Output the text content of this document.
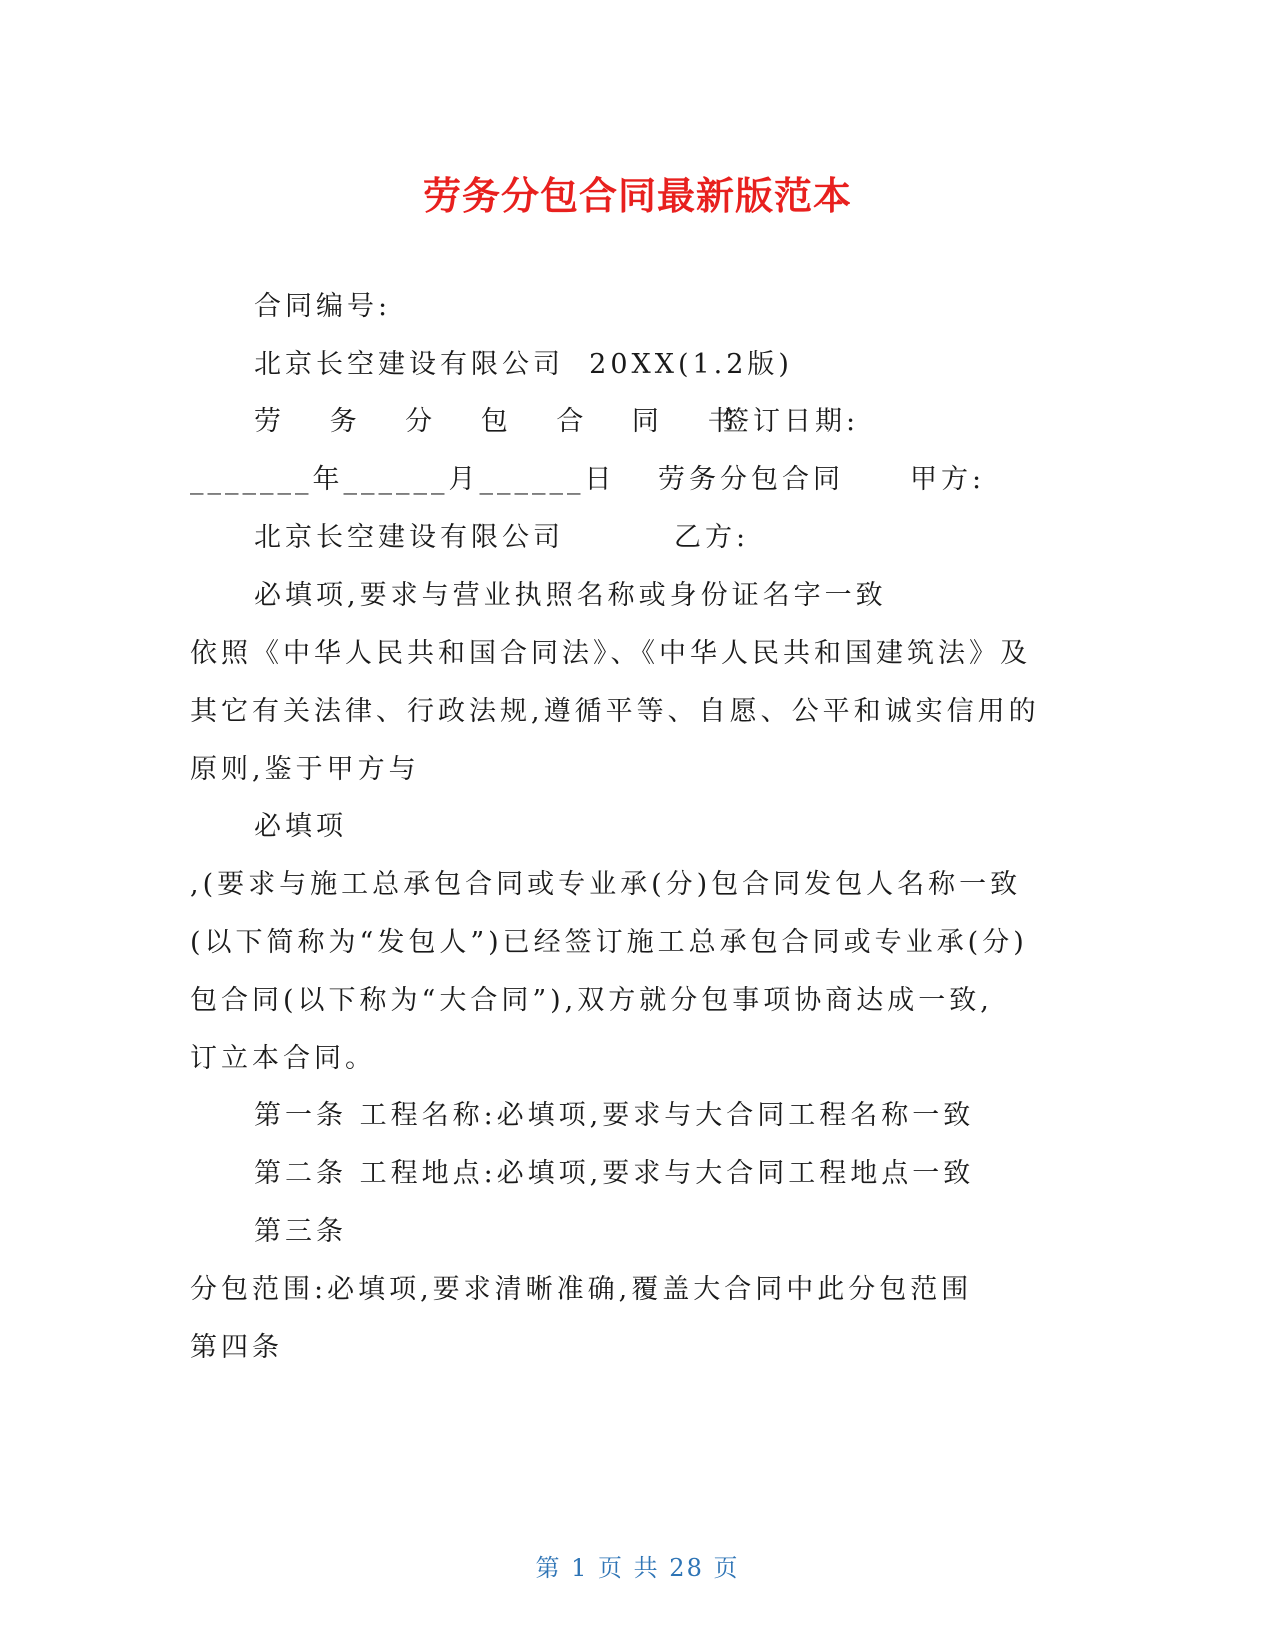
劳务分包合同最新版范本
合同编号:
北京长空建设有限公司  20XX(1.2版)
劳 务 分 包 合 同 书
签订日期:
_______年______月______日 劳务分包合同 甲方:
北京长空建设有限公司	乙方:
必填项,要求与营业执照名称或身份证名字一致
依照《中华人民共和国合同法》、《中华人民共和国建筑法》及
其它有关法律、行政法规,遵循平等、自愿、公平和诚实信用的
原则,鉴于甲方与
必填项
,(要求与施工总承包合同或专业承(分)包合同发包人名称一致
(以下简称为“发包人”)已经签订施工总承包合同或专业承(分)
包合同(以下称为“大合同”),双方就分包事项协商达成一致,
订立本合同。
第一条 工程名称:必填项,要求与大合同工程名称一致
第二条 工程地点:必填项,要求与大合同工程地点一致
第三条
分包范围:必填项,要求清晰准确,覆盖大合同中此分包范围
第四条
第 1 页 共 28 页
